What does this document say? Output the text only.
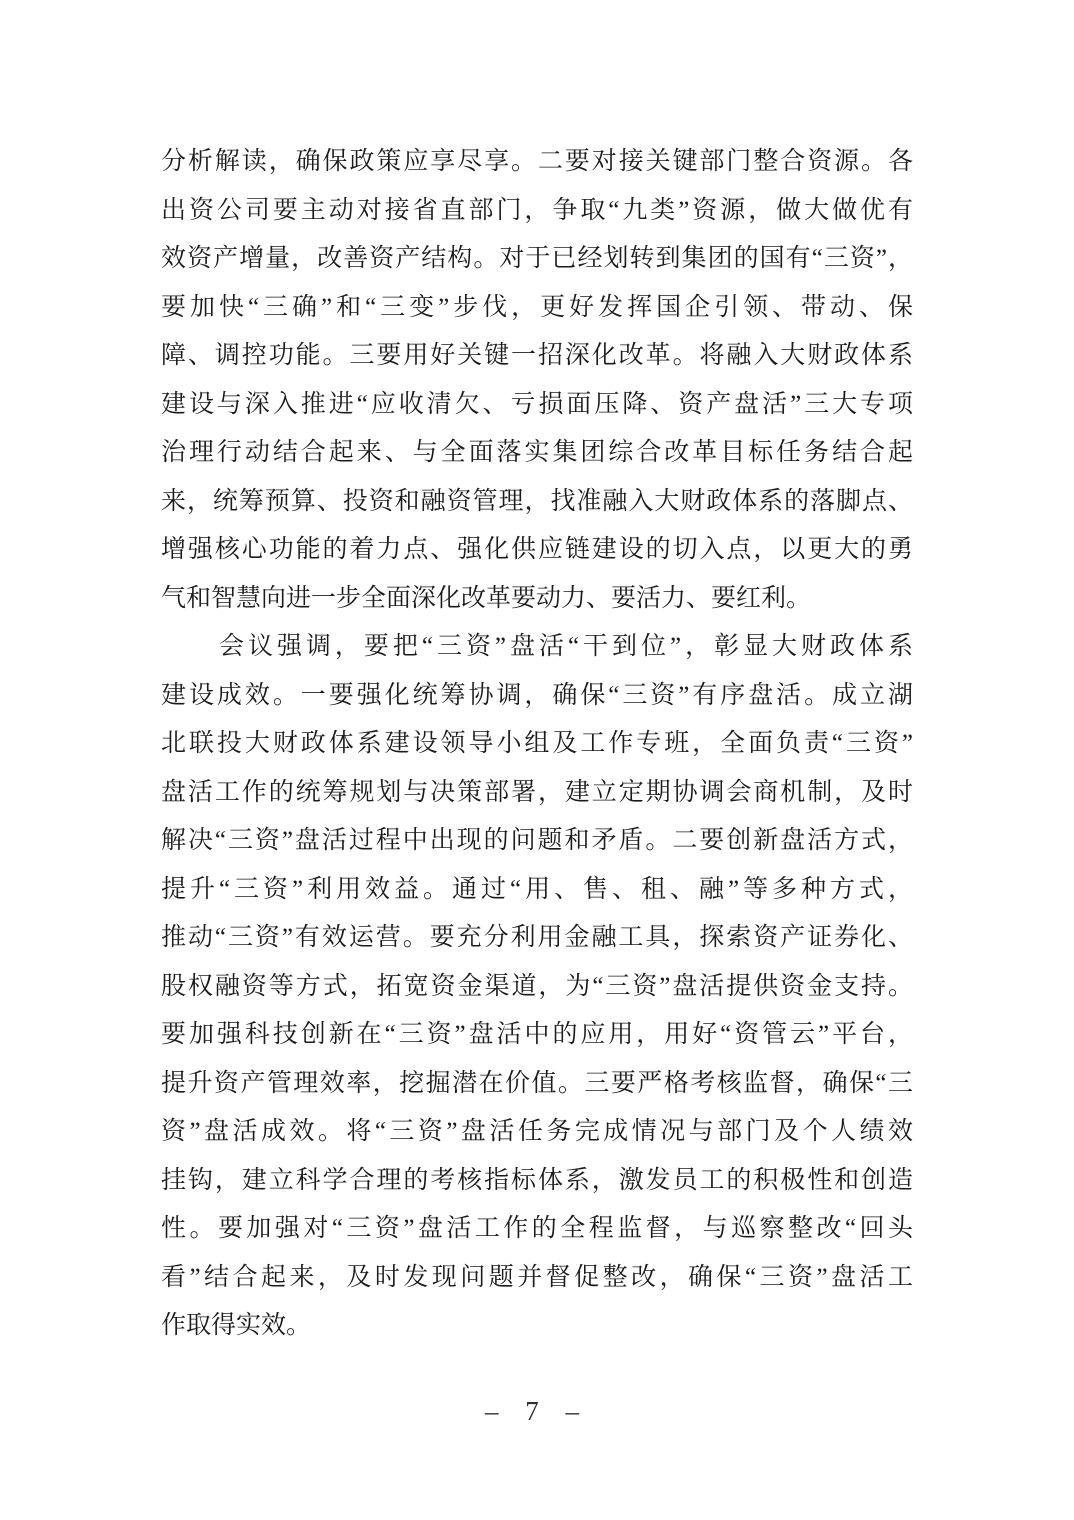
分析解读，确保政策应享尽享。二要对接关键部门整合资源。各
出资公司要主动对接省直部门，争取“九类”资源，做大做优有
效资产增量，改善资产结构。对于已经划转到集团的国有“三资”，
要加快“三确”和“三变”步伐，更好发挥国企引领、带动、保
障、调控功能。三要用好关键一招深化改革。将融入大财政体系
建设与深入推进“应收清欠、亏损面压降、资产盘活”三大专项
治理行动结合起来、与全面落实集团综合改革目标任务结合起
来，统筹预算、投资和融资管理，找准融入大财政体系的落脚点、
增强核心功能的着力点、强化供应链建设的切入点，以更大的勇
气和智慧向进一步全面深化改革要动力、要活力、要红利。
　　会议强调，要把“三资”盘活“干到位”，彰显大财政体系
建设成效。一要强化统筹协调，确保“三资”有序盘活。成立湖
北联投大财政体系建设领导小组及工作专班，全面负责“三资”
盘活工作的统筹规划与决策部署，建立定期协调会商机制，及时
解决“三资”盘活过程中出现的问题和矛盾。二要创新盘活方式，
提升“三资”利用效益。通过“用、售、租、融”等多种方式，
推动“三资”有效运营。要充分利用金融工具，探索资产证券化、
股权融资等方式，拓宽资金渠道，为“三资”盘活提供资金支持。
要加强科技创新在“三资”盘活中的应用，用好“资管云”平台，
提升资产管理效率，挖掘潜在价值。三要严格考核监督，确保“三
资”盘活成效。将“三资”盘活任务完成情况与部门及个人绩效
挂钩，建立科学合理的考核指标体系，激发员工的积极性和创造
性。要加强对“三资”盘活工作的全程监督，与巡察整改“回头
看”结合起来，及时发现问题并督促整改，确保“三资”盘活工
作取得实效。
– 7 –
